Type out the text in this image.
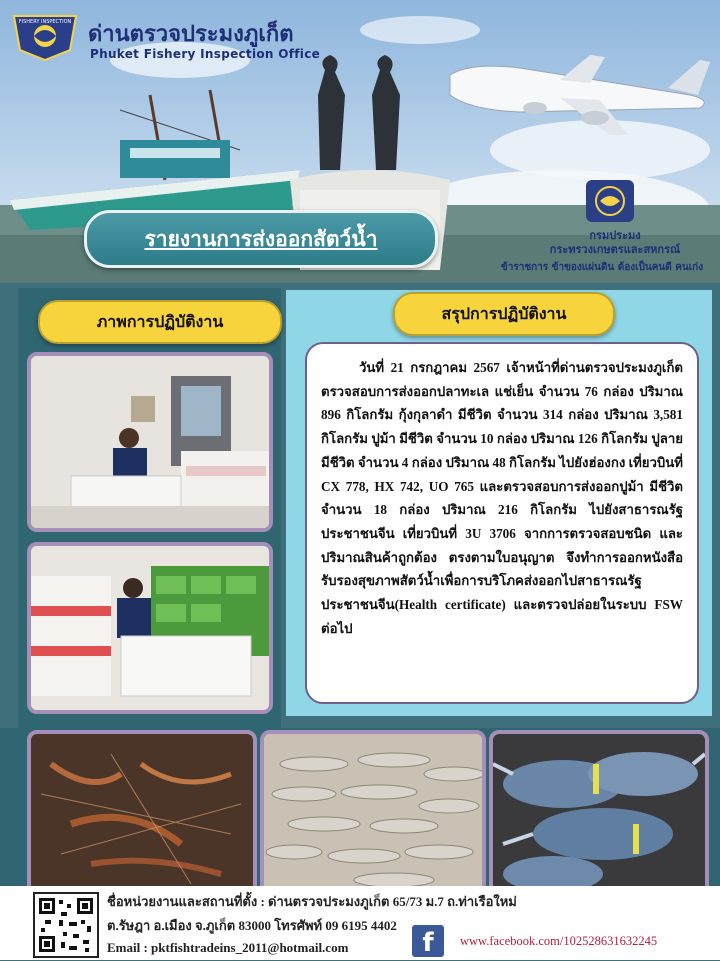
FISHERY INSPECTION ด่านตรวจประมงภูเก็ต
Phuket Fishery Inspection Office
รายงานการส่งออกสัตว์น้ำ	กรมประมง
กระทรวงเกษตรและสหกรณ์
ข้าราชการ ข้าของแผ่นดิน ต้องเป็นคนดี คนเก่ง
ภาพการปฏิบัติงาน	สรุปการปฏิบัติงาน

วันที่ 21 กรกฎาคม 2567 เจ้าหน้าที่ด่านตรวจประมงภูเก็ต ตรวจสอบการส่งออกปลาทะเล แช่เย็น จำนวน 76 กล่อง ปริมาณ 896 กิโลกรัม กุ้งกุลาดำ มีชีวิต จำนวน 314 กล่อง ปริมาณ 3,581 กิโลกรัม ปูม้า มีชีวิต จำนวน 10 กล่อง ปริมาณ 126 กิโลกรัม ปูลาย มีชีวิต จำนวน 4 กล่อง ปริมาณ 48 กิโลกรัม ไปยังฮ่องกง เที่ยวบินที่ CX 778, HX 742, UO 765 และตรวจสอบการส่งออกปูม้า มีชีวิต จำนวน 18 กล่อง ปริมาณ 216 กิโลกรัม ไปยังสาธารณรัฐประชาชนจีน เที่ยวบินที่ 3U 3706 จากการตรวจสอบชนิด และปริมาณสินค้าถูกต้อง ตรงตามใบอนุญาต จึงทำการออกหนังสือรับรองสุขภาพสัตว์น้ำเพื่อการบริโภคส่งออกไปสาธารณรัฐประชาชนจีน(Health certificate) และตรวจปล่อยในระบบ FSW ต่อไป

ชื่อหน่วยงานและสถานที่ตั้ง : ด่านตรวจประมงภูเก็ต 65/73 ม.7 ถ.ท่าเรือใหม่
ต.รัษฎา อ.เมือง จ.ภูเก็ต 83000 โทรศัพท์ 09 6195 4402
Email : pktfishtradeins_2011@hotmail.com	f	www.facebook.com/102528631632245
